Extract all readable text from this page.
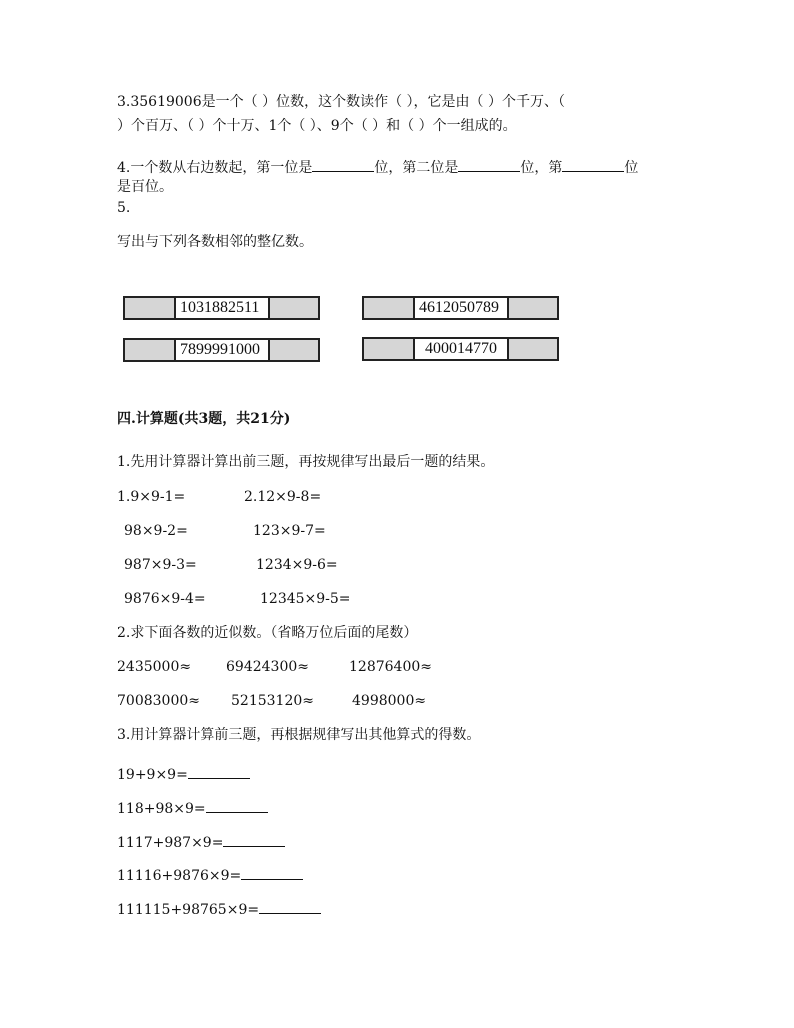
3.35619006是一个（ ）位数，这个数读作（ ），它是由（ ）个千万、（
）个百万、（ ）个十万、1个（ ）、9个（ ）和（ ）个一组成的。
4.一个数从右边数起，第一位是	位，第二位是	位，第	位
是百位。
5.
写出与下列各数相邻的整亿数。
1031882511	4612050789
7899991000	400014770
四.计算题(共3题，共21分)
1.先用计算器计算出前三题，再按规律写出最后一题的结果。
1.9×9-1=	2.12×9-8=
98×9-2=	123×9-7=
987×9-3=	1234×9-6=
9876×9-4=	12345×9-5=
2.求下面各数的近似数。（省略万位后面的尾数）
2435000≈ 69424300≈	12876400≈
70083000≈ 52153120≈	4998000≈
3.用计算器计算前三题，再根据规律写出其他算式的得数。
19+9×9=
118+98×9=
1117+987×9=
11116+9876×9=
111115+98765×9=
